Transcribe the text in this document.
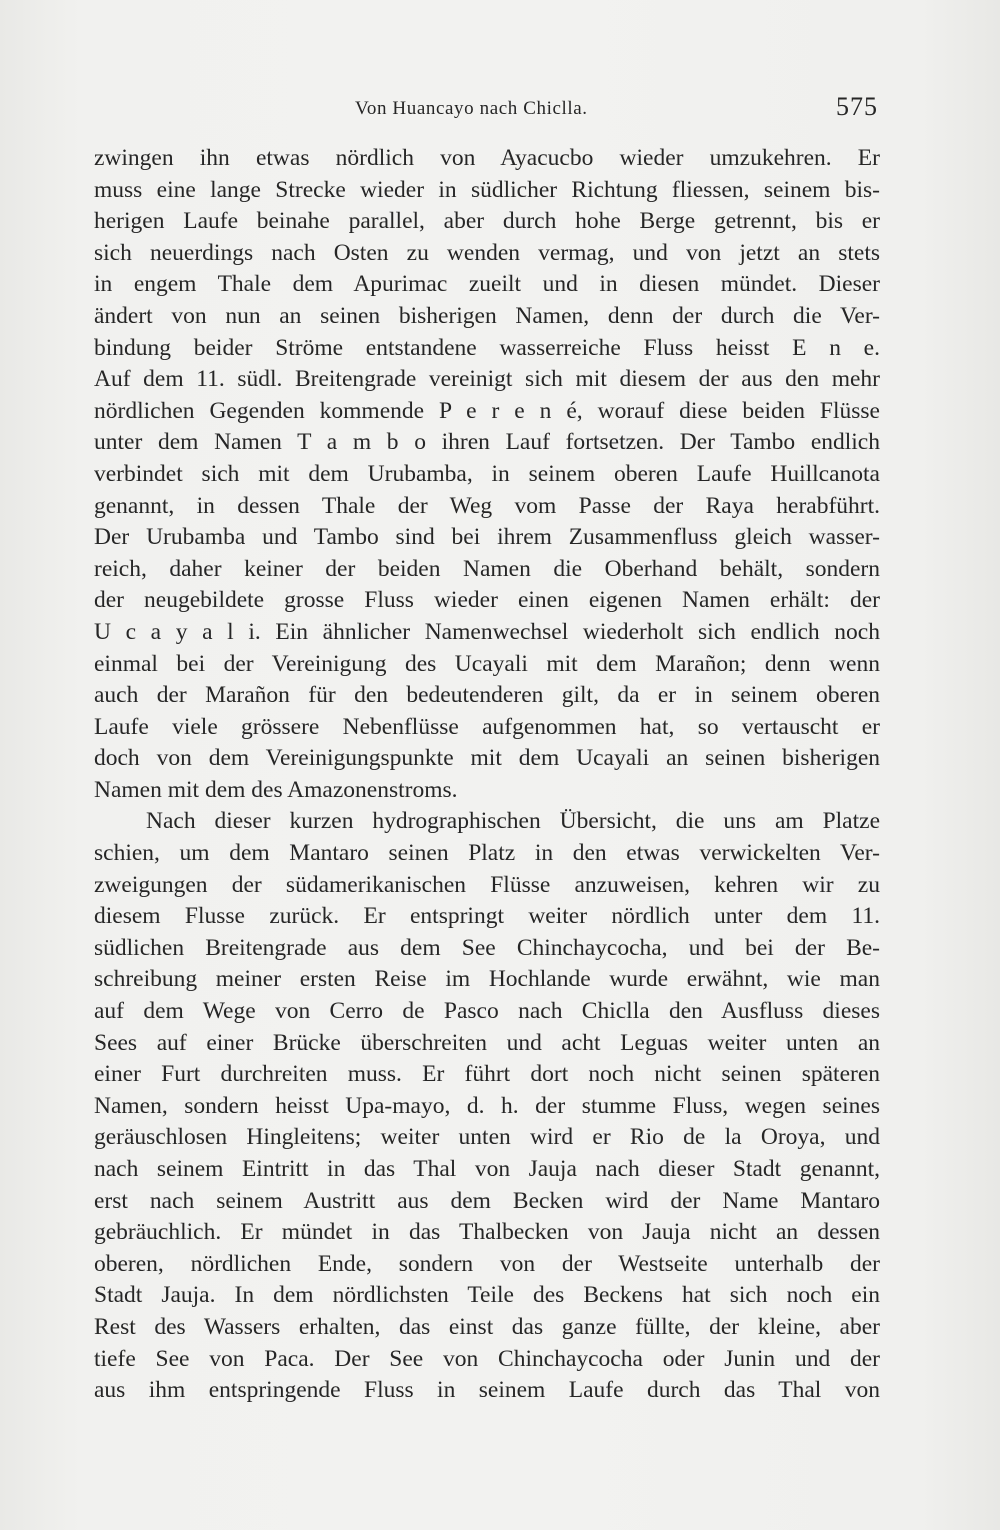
Von Huancayo nach Chiclla.	575
zwingen ihn etwas nördlich von Ayacucbo wieder umzukehren. Er
muss eine lange Strecke wieder in südlicher Richtung fliessen, seinem bis-
herigen Laufe beinahe parallel, aber durch hohe Berge getrennt, bis er
sich neuerdings nach Osten zu wenden vermag, und von jetzt an stets
in engem Thale dem Apurimac zueilt und in diesen mündet. Dieser
ändert von nun an seinen bisherigen Namen, denn der durch die Ver-
bindung beider Ströme entstandene wasserreiche Fluss heisst E n e.
Auf dem 11. südl. Breitengrade vereinigt sich mit diesem der aus den mehr
nördlichen Gegenden kommende P e r e n é, worauf diese beiden Flüsse
unter dem Namen T a m b o ihren Lauf fortsetzen. Der Tambo endlich
verbindet sich mit dem Urubamba, in seinem oberen Laufe Huillcanota
genannt, in dessen Thale der Weg vom Passe der Raya herabführt.
Der Urubamba und Tambo sind bei ihrem Zusammenfluss gleich wasser-
reich, daher keiner der beiden Namen die Oberhand behält, sondern
der neugebildete grosse Fluss wieder einen eigenen Namen erhält: der
U c a y a l i. Ein ähnlicher Namenwechsel wiederholt sich endlich noch
einmal bei der Vereinigung des Ucayali mit dem Marañon; denn wenn
auch der Marañon für den bedeutenderen gilt, da er in seinem oberen
Laufe viele grössere Nebenflüsse aufgenommen hat, so vertauscht er
doch von dem Vereinigungspunkte mit dem Ucayali an seinen bisherigen
Namen mit dem des Amazonenstroms.
Nach dieser kurzen hydrographischen Übersicht, die uns am Platze
schien, um dem Mantaro seinen Platz in den etwas verwickelten Ver-
zweigungen der südamerikanischen Flüsse anzuweisen, kehren wir zu
diesem Flusse zurück. Er entspringt weiter nördlich unter dem 11.
südlichen Breitengrade aus dem See Chinchaycocha, und bei der Be-
schreibung meiner ersten Reise im Hochlande wurde erwähnt, wie man
auf dem Wege von Cerro de Pasco nach Chiclla den Ausfluss dieses
Sees auf einer Brücke überschreiten und acht Leguas weiter unten an
einer Furt durchreiten muss. Er führt dort noch nicht seinen späteren
Namen, sondern heisst Upa-mayo, d. h. der stumme Fluss, wegen seines
geräuschlosen Hingleitens; weiter unten wird er Rio de la Oroya, und
nach seinem Eintritt in das Thal von Jauja nach dieser Stadt genannt,
erst nach seinem Austritt aus dem Becken wird der Name Mantaro
gebräuchlich. Er mündet in das Thalbecken von Jauja nicht an dessen
oberen, nördlichen Ende, sondern von der Westseite unterhalb der
Stadt Jauja. In dem nördlichsten Teile des Beckens hat sich noch ein
Rest des Wassers erhalten, das einst das ganze füllte, der kleine, aber
tiefe See von Paca. Der See von Chinchaycocha oder Junin und der
aus ihm entspringende Fluss in seinem Laufe durch das Thal von
